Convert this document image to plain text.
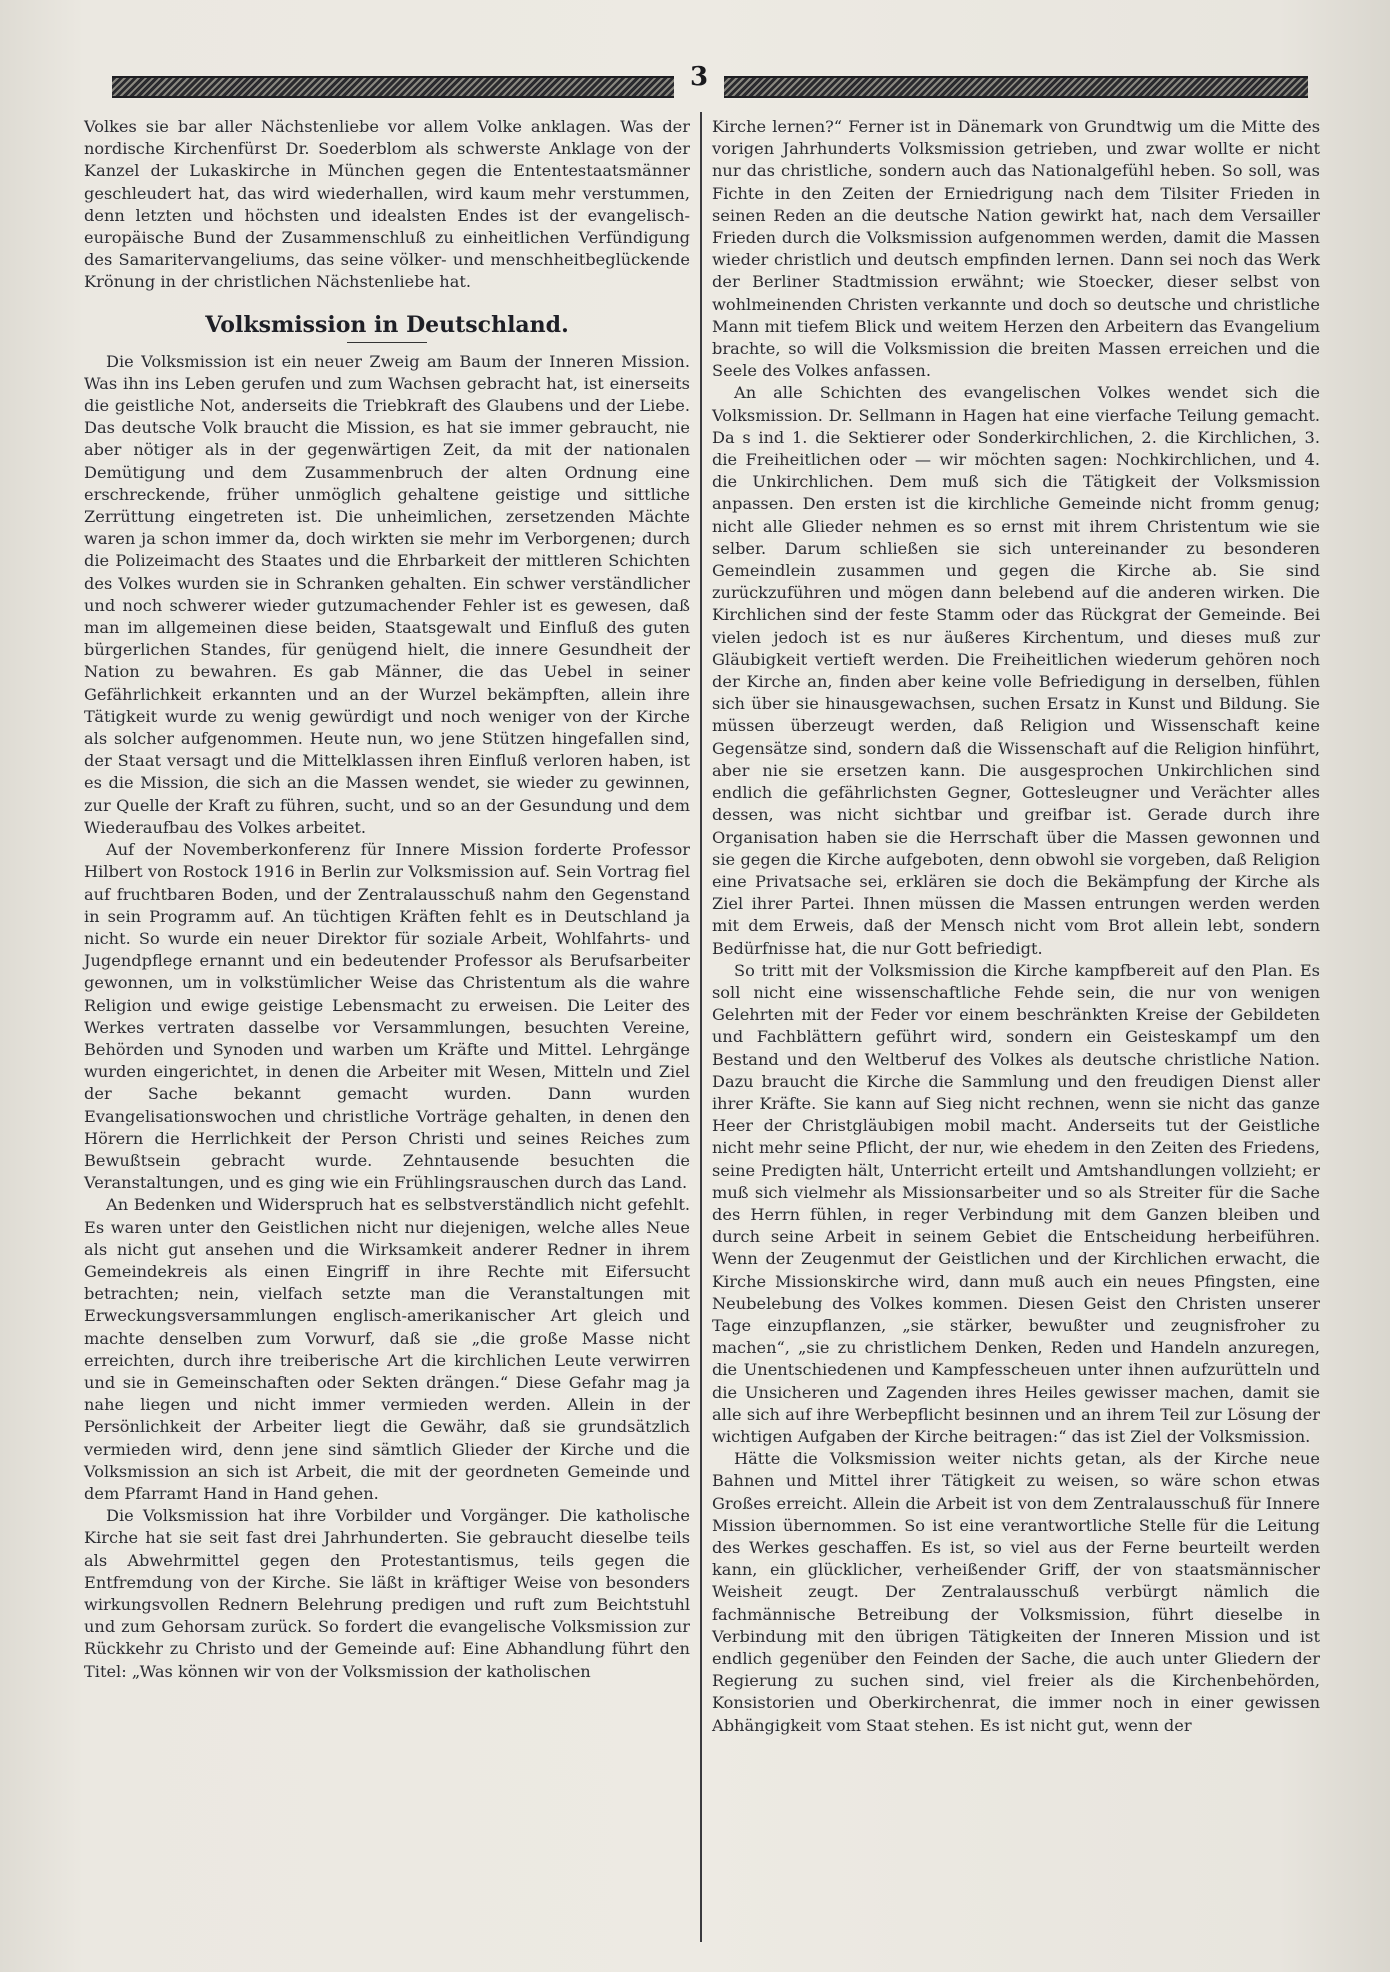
3

Volkes sie bar aller Nächstenliebe vor allem Volke anklagen. Was der nordische Kirchenfürst Dr. Soederblom als schwerste Anklage von der Kanzel der Lukaskirche in München gegen die Ententestaatsmänner geschleudert hat, das wird wiederhallen, wird kaum mehr verstummen, denn letzten und höchsten und idealsten Endes ist der evangelisch-europäische Bund der Zusammenschluß zu einheitlichen Verfündigung des Samaritervangeliums, das seine völker- und menschheitbeglückende Krönung in der christlichen Nächstenliebe hat.

Volksmission in Deutschland.

Die Volksmission ist ein neuer Zweig am Baum der Inneren Mission. Was ihn ins Leben gerufen und zum Wachsen gebracht hat, ist einerseits die geistliche Not, anderseits die Triebkraft des Glaubens und der Liebe. Das deutsche Volk braucht die Mission, es hat sie immer gebraucht, nie aber nötiger als in der gegenwärtigen Zeit, da mit der nationalen Demütigung und dem Zusammenbruch der alten Ordnung eine erschreckende, früher unmöglich gehaltene geistige und sittliche Zerrüttung eingetreten ist. Die unheimlichen, zersetzenden Mächte waren ja schon immer da, doch wirkten sie mehr im Verborgenen; durch die Polizeimacht des Staates und die Ehrbarkeit der mittleren Schichten des Volkes wurden sie in Schranken gehalten. Ein schwer verständlicher und noch schwerer wieder gutzumachender Fehler ist es gewesen, daß man im allgemeinen diese beiden, Staatsgewalt und Einfluß des guten bürgerlichen Standes, für genügend hielt, die innere Gesundheit der Nation zu bewahren. Es gab Männer, die das Uebel in seiner Gefährlichkeit erkannten und an der Wurzel bekämpften, allein ihre Tätigkeit wurde zu wenig gewürdigt und noch weniger von der Kirche als solcher aufgenommen. Heute nun, wo jene Stützen hingefallen sind, der Staat versagt und die Mittelklassen ihren Einfluß verloren haben, ist es die Mission, die sich an die Massen wendet, sie wieder zu gewinnen, zur Quelle der Kraft zu führen, sucht, und so an der Gesundung und dem Wiederaufbau des Volkes arbeitet.

Auf der Novemberkonferenz für Innere Mission forderte Professor Hilbert von Rostock 1916 in Berlin zur Volksmission auf. Sein Vortrag fiel auf fruchtbaren Boden, und der Zentralausschuß nahm den Gegenstand in sein Programm auf. An tüchtigen Kräften fehlt es in Deutschland ja nicht. So wurde ein neuer Direktor für soziale Arbeit, Wohlfahrts- und Jugendpflege ernannt und ein bedeutender Professor als Berufsarbeiter gewonnen, um in volkstümlicher Weise das Christentum als die wahre Religion und ewige geistige Lebensmacht zu erweisen. Die Leiter des Werkes vertraten dasselbe vor Versammlungen, besuchten Vereine, Behörden und Synoden und warben um Kräfte und Mittel. Lehrgänge wurden eingerichtet, in denen die Arbeiter mit Wesen, Mitteln und Ziel der Sache bekannt gemacht wurden. Dann wurden Evangelisationswochen und christliche Vorträge gehalten, in denen den Hörern die Herrlichkeit der Person Christi und seines Reiches zum Bewußtsein gebracht wurde. Zehntausende besuchten die Veranstaltungen, und es ging wie ein Frühlingsrauschen durch das Land.

An Bedenken und Widerspruch hat es selbstverständlich nicht gefehlt. Es waren unter den Geistlichen nicht nur diejenigen, welche alles Neue als nicht gut ansehen und die Wirksamkeit anderer Redner in ihrem Gemeindekreis als einen Eingriff in ihre Rechte mit Eifersucht betrachten; nein, vielfach setzte man die Veranstaltungen mit Erweckungsversammlungen englisch-amerikanischer Art gleich und machte denselben zum Vorwurf, daß sie „die große Masse nicht erreichten, durch ihre treiberische Art die kirchlichen Leute verwirren und sie in Gemeinschaften oder Sekten drängen.“ Diese Gefahr mag ja nahe liegen und nicht immer vermieden werden. Allein in der Persönlichkeit der Arbeiter liegt die Gewähr, daß sie grundsätzlich vermieden wird, denn jene sind sämtlich Glieder der Kirche und die Volksmission an sich ist Arbeit, die mit der geordneten Gemeinde und dem Pfarramt Hand in Hand gehen.

Die Volksmission hat ihre Vorbilder und Vorgänger. Die katholische Kirche hat sie seit fast drei Jahrhunderten. Sie gebraucht dieselbe teils als Abwehrmittel gegen den Protestantismus, teils gegen die Entfremdung von der Kirche. Sie läßt in kräftiger Weise von besonders wirkungsvollen Rednern Belehrung predigen und ruft zum Beichtstuhl und zum Gehorsam zurück. So fordert die evangelische Volksmission zur Rückkehr zu Christo und der Gemeinde auf: Eine Abhandlung führt den Titel: „Was können wir von der Volksmission der katholischen

Kirche lernen?“ Ferner ist in Dänemark von Grundtwig um die Mitte des vorigen Jahrhunderts Volksmission getrieben, und zwar wollte er nicht nur das christliche, sondern auch das Nationalgefühl heben. So soll, was Fichte in den Zeiten der Erniedrigung nach dem Tilsiter Frieden in seinen Reden an die deutsche Nation gewirkt hat, nach dem Versailler Frieden durch die Volksmission aufgenommen werden, damit die Massen wieder christlich und deutsch empfinden lernen. Dann sei noch das Werk der Berliner Stadtmission erwähnt; wie Stoecker, dieser selbst von wohlmeinenden Christen verkannte und doch so deutsche und christliche Mann mit tiefem Blick und weitem Herzen den Arbeitern das Evangelium brachte, so will die Volksmission die breiten Massen erreichen und die Seele des Volkes anfassen.

An alle Schichten des evangelischen Volkes wendet sich die Volksmission. Dr. Sellmann in Hagen hat eine vierfache Teilung gemacht. Da s ind 1. die Sektierer oder Sonderkirchlichen, 2. die Kirchlichen, 3. die Freiheitlichen oder — wir möchten sagen: Nochkirchlichen, und 4. die Unkirchlichen. Dem muß sich die Tätigkeit der Volksmission anpassen. Den ersten ist die kirchliche Gemeinde nicht fromm genug; nicht alle Glieder nehmen es so ernst mit ihrem Christentum wie sie selber. Darum schließen sie sich untereinander zu besonderen Gemeindlein zusammen und gegen die Kirche ab. Sie sind zurückzuführen und mögen dann belebend auf die anderen wirken. Die Kirchlichen sind der feste Stamm oder das Rückgrat der Gemeinde. Bei vielen jedoch ist es nur äußeres Kirchentum, und dieses muß zur Gläubigkeit vertieft werden. Die Freiheitlichen wiederum gehören noch der Kirche an, finden aber keine volle Befriedigung in derselben, fühlen sich über sie hinausgewachsen, suchen Ersatz in Kunst und Bildung. Sie müssen überzeugt werden, daß Religion und Wissenschaft keine Gegensätze sind, sondern daß die Wissenschaft auf die Religion hinführt, aber nie sie ersetzen kann. Die ausgesprochen Unkirchlichen sind endlich die gefährlichsten Gegner, Gottesleugner und Verächter alles dessen, was nicht sichtbar und greifbar ist. Gerade durch ihre Organisation haben sie die Herrschaft über die Massen gewonnen und sie gegen die Kirche aufgeboten, denn obwohl sie vorgeben, daß Religion eine Privatsache sei, erklären sie doch die Bekämpfung der Kirche als Ziel ihrer Partei. Ihnen müssen die Massen entrungen werden werden mit dem Erweis, daß der Mensch nicht vom Brot allein lebt, sondern Bedürfnisse hat, die nur Gott befriedigt.

So tritt mit der Volksmission die Kirche kampfbereit auf den Plan. Es soll nicht eine wissenschaftliche Fehde sein, die nur von wenigen Gelehrten mit der Feder vor einem beschränkten Kreise der Gebildeten und Fachblättern geführt wird, sondern ein Geisteskampf um den Bestand und den Weltberuf des Volkes als deutsche christliche Nation. Dazu braucht die Kirche die Sammlung und den freudigen Dienst aller ihrer Kräfte. Sie kann auf Sieg nicht rechnen, wenn sie nicht das ganze Heer der Christgläubigen mobil macht. Anderseits tut der Geistliche nicht mehr seine Pflicht, der nur, wie ehedem in den Zeiten des Friedens, seine Predigten hält, Unterricht erteilt und Amtshandlungen vollzieht; er muß sich vielmehr als Missionsarbeiter und so als Streiter für die Sache des Herrn fühlen, in reger Verbindung mit dem Ganzen bleiben und durch seine Arbeit in seinem Gebiet die Entscheidung herbeiführen. Wenn der Zeugenmut der Geistlichen und der Kirchlichen erwacht, die Kirche Missionskirche wird, dann muß auch ein neues Pfingsten, eine Neubelebung des Volkes kommen. Diesen Geist den Christen unserer Tage einzupflanzen, „sie stärker, bewußter und zeugnisfroher zu machen“, „sie zu christlichem Denken, Reden und Handeln anzuregen, die Unentschiedenen und Kampfesscheuen unter ihnen aufzurütteln und die Unsicheren und Zagenden ihres Heiles gewisser machen, damit sie alle sich auf ihre Werbepflicht besinnen und an ihrem Teil zur Lösung der wichtigen Aufgaben der Kirche beitragen:“ das ist Ziel der Volksmission.

Hätte die Volksmission weiter nichts getan, als der Kirche neue Bahnen und Mittel ihrer Tätigkeit zu weisen, so wäre schon etwas Großes erreicht. Allein die Arbeit ist von dem Zentralausschuß für Innere Mission übernommen. So ist eine verantwortliche Stelle für die Leitung des Werkes geschaffen. Es ist, so viel aus der Ferne beurteilt werden kann, ein glücklicher, verheißender Griff, der von staatsmännischer Weisheit zeugt. Der Zentralausschuß verbürgt nämlich die fachmännische Betreibung der Volksmission, führt dieselbe in Verbindung mit den übrigen Tätigkeiten der Inneren Mission und ist endlich gegenüber den Feinden der Sache, die auch unter Gliedern der Regierung zu suchen sind, viel freier als die Kirchenbehörden, Konsistorien und Oberkirchenrat, die immer noch in einer gewissen Abhängigkeit vom Staat stehen. Es ist nicht gut, wenn der
